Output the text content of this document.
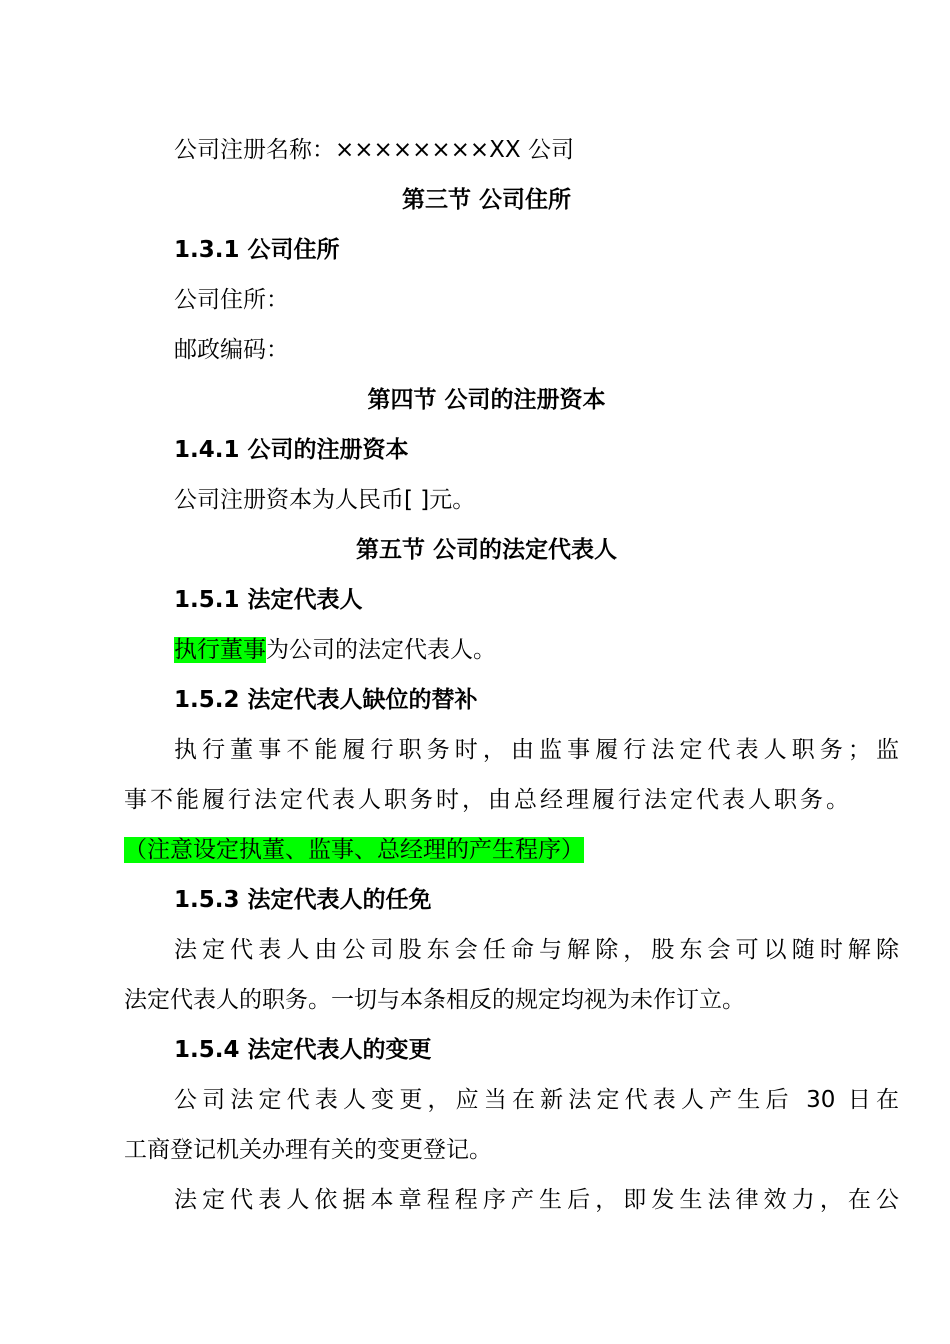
公司注册名称：××××××××XX 公司
第三节 公司住所
1.3.1 公司住所
公司住所：
邮政编码：
第四节 公司的注册资本
1.4.1 公司的注册资本
公司注册资本为人民币[ ]元。
第五节 公司的法定代表人
1.5.1 法定代表人
执行董事为公司的法定代表人。
1.5.2 法定代表人缺位的替补
执行董事不能履行职务时，由监事履行法定代表人职务；监
事不能履行法定代表人职务时，由总经理履行法定代表人职务。
（注意设定执董、监事、总经理的产生程序）
1.5.3 法定代表人的任免
法定代表人由公司股东会任命与解除，股东会可以随时解除
法定代表人的职务。一切与本条相反的规定均视为未作订立。
1.5.4 法定代表人的变更
公司法定代表人变更，应当在新法定代表人产生后 30 日在
工商登记机关办理有关的变更登记。
法定代表人依据本章程程序产生后，即发生法律效力，在公
